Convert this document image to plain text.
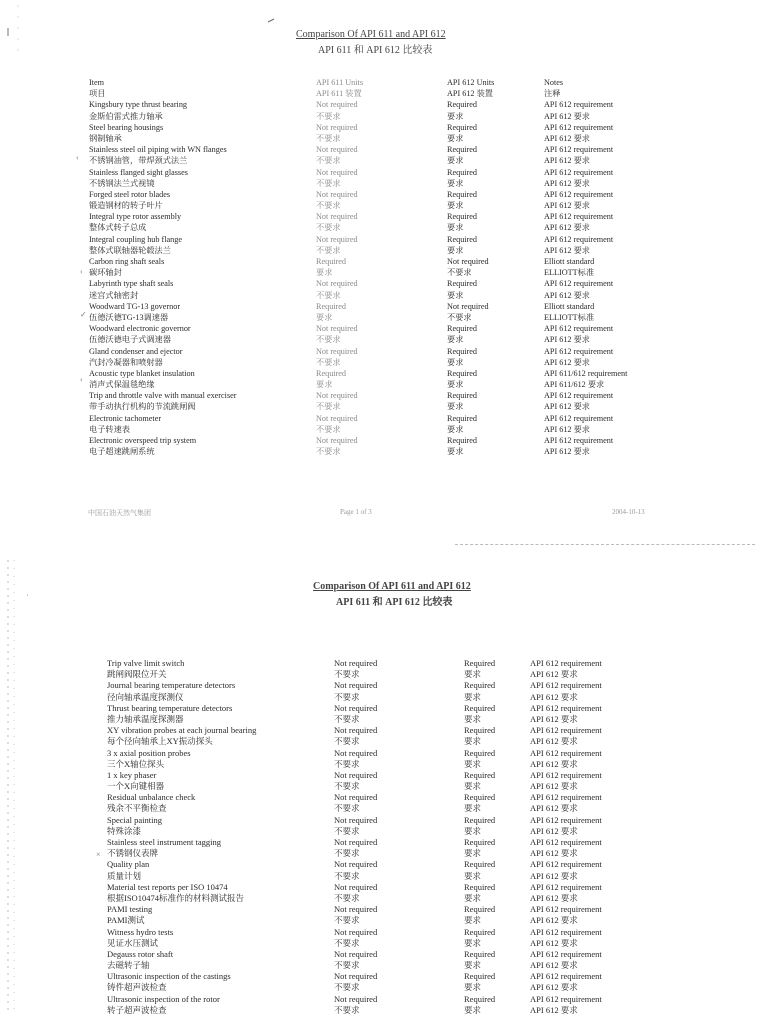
Comparison Of API 611 and API 612
API 611 和 API 612 比较表
Item	API 611 Units	API 612 Units	Notes
项目	API 611 装置	API 612 装置	注释
Kingsbury type thrust bearing	Not required	Required	API 612 requirement
金斯伯雷式推力轴承	不要求	要求	API 612 要求
Steel bearing housings	Not required	Required	API 612 requirement
钢制轴承	不要求	要求	API 612 要求
Stainless steel oil piping with WN flanges	Not required	Required	API 612 requirement
不锈钢油管，带焊颈式法兰	不要求	要求	API 612 要求
Stainless flanged sight glasses	Not required	Required	API 612 requirement
不锈钢法兰式视镜	不要求	要求	API 612 要求
Forged steel rotor blades	Not required	Required	API 612 requirement
锻造钢材的转子叶片	不要求	要求	API 612 要求
Integral type rotor assembly	Not required	Required	API 612 requirement
整体式转子总成	不要求	要求	API 612 要求
Integral coupling hub flange	Not required	Required	API 612 requirement
整体式联轴器轮毂法兰	不要求	要求	API 612 要求
Carbon ring shaft seals	Required	Not required	Elliott standard
碳环轴封	要求	不要求	ELLIOTT标准
Labyrinth type shaft seals	Not required	Required	API 612 requirement
迷宫式轴密封	不要求	要求	API 612 要求
Woodward TG-13 governor	Required	Not required	Elliott standard
伍德沃德TG-13调速器	要求	不要求	ELLIOTT标准
Woodward electronic governor	Not required	Required	API 612 requirement
伍德沃德电子式调速器	不要求	要求	API 612 要求
Gland condenser and ejector	Not required	Required	API 612 requirement
汽封冷凝器和喷射器	不要求	要求	API 612 要求
Acoustic type blanket insulation	Required	Required	API 611/612 requirement
消声式保温毯绝缘	要求	要求	API 611/612 要求
Trip and throttle valve with manual exerciser	Not required	Required	API 612 requirement
带手动执行机构的节流跳闸阀	不要求	要求	API 612 要求
Electronic tachometer	Not required	Required	API 612 requirement
电子转速表	不要求	要求	API 612 要求
Electronic overspeed trip system	Not required	Required	API 612 requirement
电子超速跳闸系统	不要求	要求	API 612 要求
中国石油天然气集团	Page 1 of 3	2004-10-13
‹
✓
‹
‹
Comparison Of API 611 and API 612
API 611 和 API 612 比较表
Trip valve limit switch	Not required	Required	API 612 requirement
跳闸阀限位开关	不要求	要求	API 612 要求
Journal bearing temperature detectors	Not required	Required	API 612 requirement
径向轴承温度探测仪	不要求	要求	API 612 要求
Thrust bearing temperature detectors	Not required	Required	API 612 requirement
推力轴承温度探测器	不要求	要求	API 612 要求
XY vibration probes at each journal bearing	Not required	Required	API 612 requirement
每个径向轴承上XY振动探头	不要求	要求	API 612 要求
3 x axial position probes	Not required	Required	API 612 requirement
三个X轴位探头	不要求	要求	API 612 要求
1 x key phaser	Not required	Required	API 612 requirement
一个X向键相器	不要求	要求	API 612 要求
Residual unbalance check	Not required	Required	API 612 requirement
残余不平衡检查	不要求	要求	API 612 要求
Special painting	Not required	Required	API 612 requirement
特殊涂漆	不要求	要求	API 612 要求
Stainless steel instrument tagging	Not required	Required	API 612 requirement
不锈钢仪表牌	不要求	要求	API 612 要求
Quality plan	Not required	Required	API 612 requirement
质量计划	不要求	要求	API 612 要求
Material test reports per ISO 10474	Not required	Required	API 612 requirement
根据ISO10474标准作的材料测试报告	不要求	要求	API 612 要求
PAMI testing	Not required	Required	API 612 requirement
PAMI测试	不要求	要求	API 612 要求
Witness hydro tests	Not required	Required	API 612 requirement
见证水压测试	不要求	要求	API 612 要求
Degauss rotor shaft	Not required	Required	API 612 requirement
去磁转子轴	不要求	要求	API 612 要求
Ultrasonic inspection of the castings	Not required	Required	API 612 requirement
铸件超声波检查	不要求	要求	API 612 要求
Ultrasonic inspection of the rotor	Not required	Required	API 612 requirement
转子超声波检查	不要求	要求	API 612 要求
×
·
